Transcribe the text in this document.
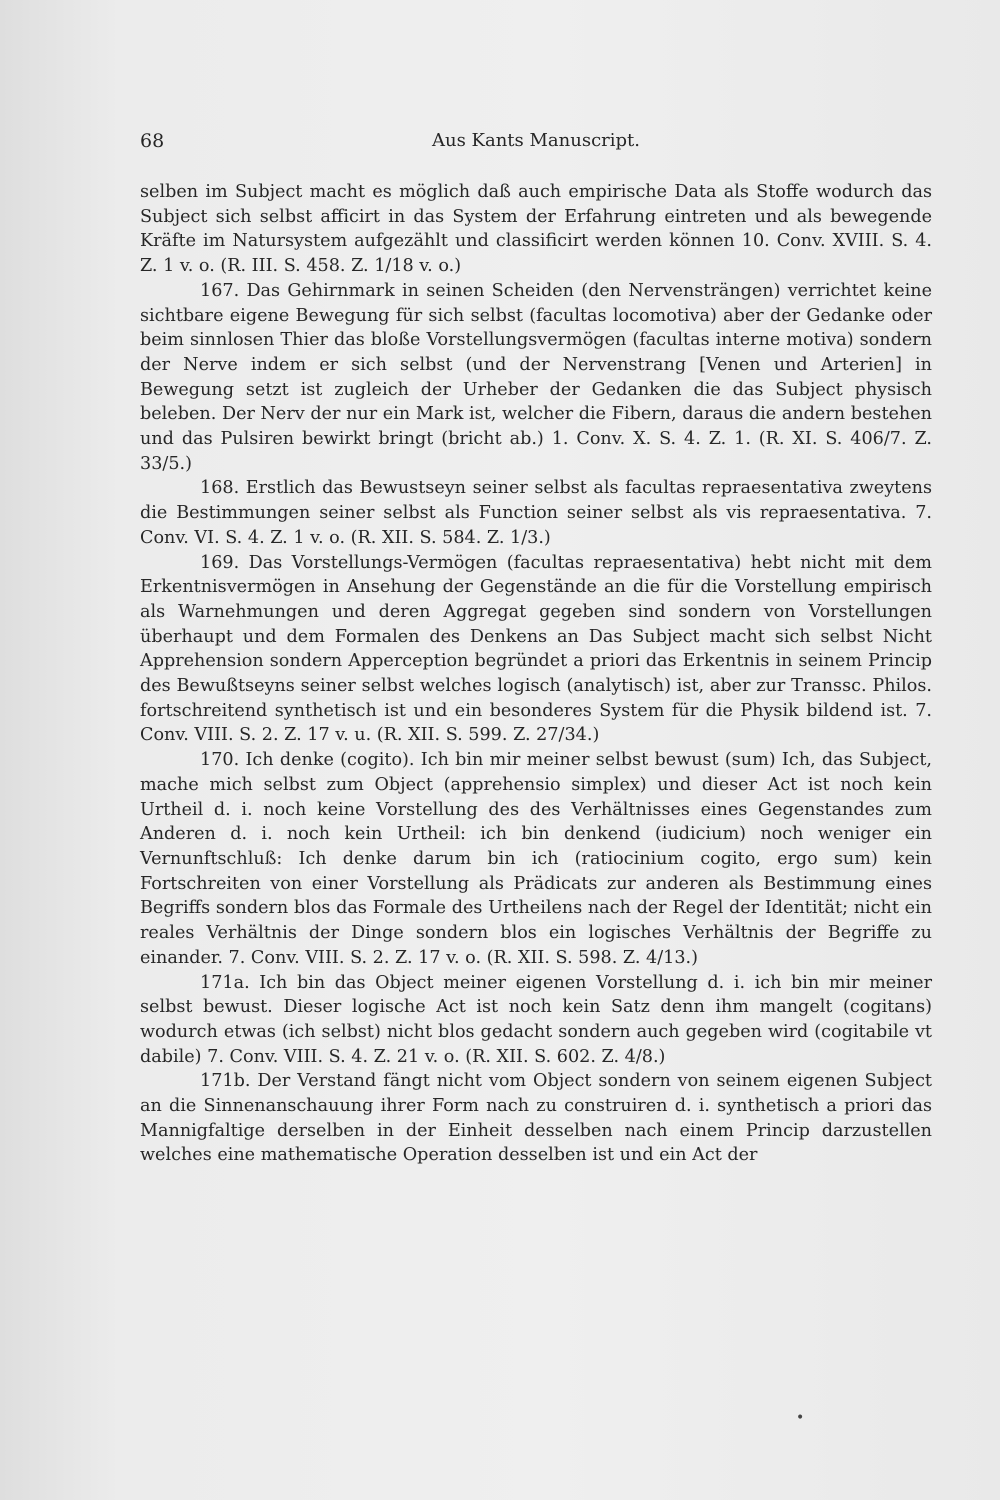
68	Aus Kants Manuscript.

selben im Subject macht es möglich daß auch empirische Data als Stoffe wodurch das Subject sich selbst afficirt in das System der Erfahrung eintreten und als bewegende Kräfte im Natursystem aufgezählt und classificirt werden können 10. Conv. XVIII. S. 4. Z. 1 v. o. (R. III. S. 458. Z. 1/18 v. o.)

167. Das Gehirnmark in seinen Scheiden (den Nervensträngen) verrichtet keine sichtbare eigene Bewegung für sich selbst (facultas locomotiva) aber der Gedanke oder beim sinnlosen Thier das bloße Vorstellungsvermögen (facultas interne motiva) sondern der Nerve indem er sich selbst (und der Nervenstrang [Venen und Arterien] in Bewegung setzt ist zugleich der Urheber der Gedanken die das Subject physisch beleben. Der Nerv der nur ein Mark ist, welcher die Fibern, daraus die andern bestehen und das Pulsiren bewirkt bringt (bricht ab.) 1. Conv. X. S. 4. Z. 1. (R. XI. S. 406/7. Z. 33/5.)

168. Erstlich das Bewustseyn seiner selbst als facultas repraesentativa zweytens die Bestimmungen seiner selbst als Function seiner selbst als vis repraesentativa. 7. Conv. VI. S. 4. Z. 1 v. o. (R. XII. S. 584. Z. 1/3.)

169. Das Vorstellungs-Vermögen (facultas repraesentativa) hebt nicht mit dem Erkentnisvermögen in Ansehung der Gegenstände an die für die Vorstellung empirisch als Warnehmungen und deren Aggregat gegeben sind sondern von Vorstellungen überhaupt und dem Formalen des Denkens an Das Subject macht sich selbst Nicht Apprehension sondern Apperception begründet a priori das Erkentnis in seinem Princip des Bewußtseyns seiner selbst welches logisch (analytisch) ist, aber zur Transsc. Philos. fortschreitend synthetisch ist und ein besonderes System für die Physik bildend ist. 7. Conv. VIII. S. 2. Z. 17 v. u. (R. XII. S. 599. Z. 27/34.)

170. Ich denke (cogito). Ich bin mir meiner selbst bewust (sum) Ich, das Subject, mache mich selbst zum Object (apprehensio simplex) und dieser Act ist noch kein Urtheil d. i. noch keine Vorstellung des des Verhältnisses eines Gegenstandes zum Anderen d. i. noch kein Urtheil: ich bin denkend (iudicium) noch weniger ein Vernunftschluß: Ich denke darum bin ich (ratiocinium cogito, ergo sum) kein Fortschreiten von einer Vorstellung als Prädicats zur anderen als Bestimmung eines Begriffs sondern blos das Formale des Urtheilens nach der Regel der Identität; nicht ein reales Verhältnis der Dinge sondern blos ein logisches Verhältnis der Begriffe zu einander. 7. Conv. VIII. S. 2. Z. 17 v. o. (R. XII. S. 598. Z. 4/13.)

171a. Ich bin das Object meiner eigenen Vorstellung d. i. ich bin mir meiner selbst bewust. Dieser logische Act ist noch kein Satz denn ihm mangelt (cogitans) wodurch etwas (ich selbst) nicht blos gedacht sondern auch gegeben wird (cogitabile vt dabile) 7. Conv. VIII. S. 4. Z. 21 v. o. (R. XII. S. 602. Z. 4/8.)

171b. Der Verstand fängt nicht vom Object sondern von seinem eigenen Subject an die Sinnenanschauung ihrer Form nach zu construiren d. i. synthetisch a priori das Mannigfaltige derselben in der Einheit desselben nach einem Princip darzustellen welches eine mathematische Operation desselben ist und ein Act der

•
